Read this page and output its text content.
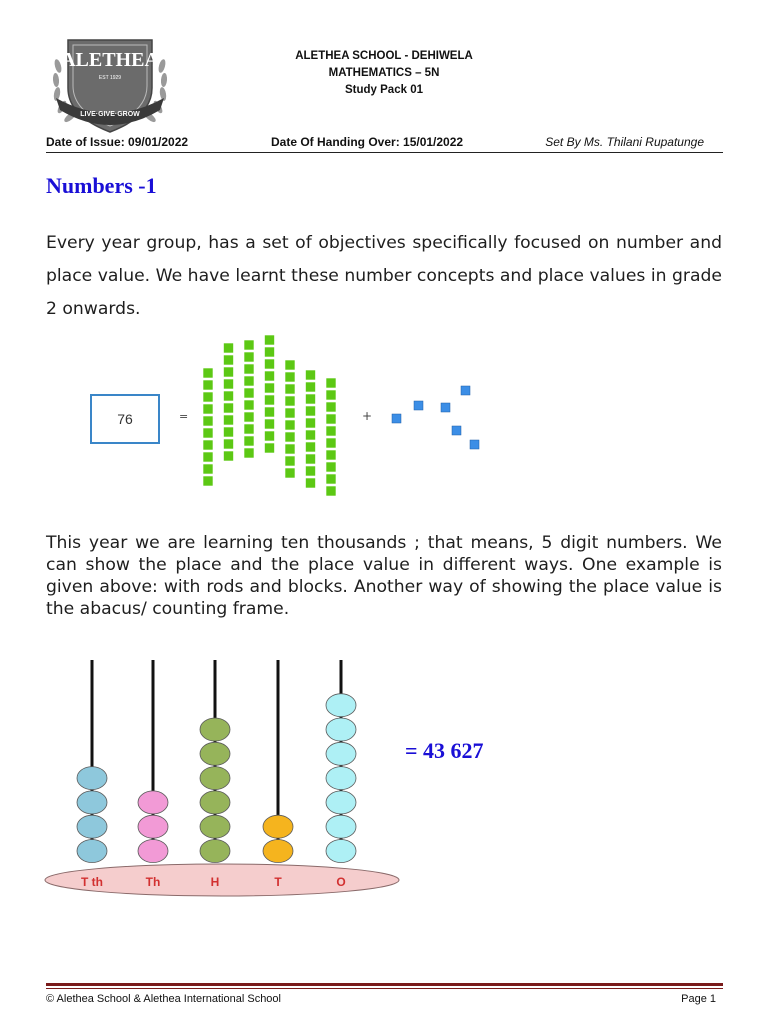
ALETHEA
EST 1929
LIVE·GIVE·GROW
ALETHEA SCHOOL - DEHIWELA
MATHEMATICS – 5N
Study Pack 01
Date of Issue: 09/01/2022	Date Of Handing Over: 15/01/2022	Set By Ms. Thilani Rupatunge
Numbers -1
Every year group, has a set of objectives specifically focused on number and place value. We have learnt these number concepts and place values in grade 2 onwards.
76	=	+
This year we are learning ten thousands ; that means, 5 digit numbers. We can show the place and the place value in different ways. One example is given above: with rods and blocks. Another way of showing the place value is the abacus/ counting frame.
T th	Th	H	T	O
= 43 627
© Alethea School & Alethea International School	Page 1
